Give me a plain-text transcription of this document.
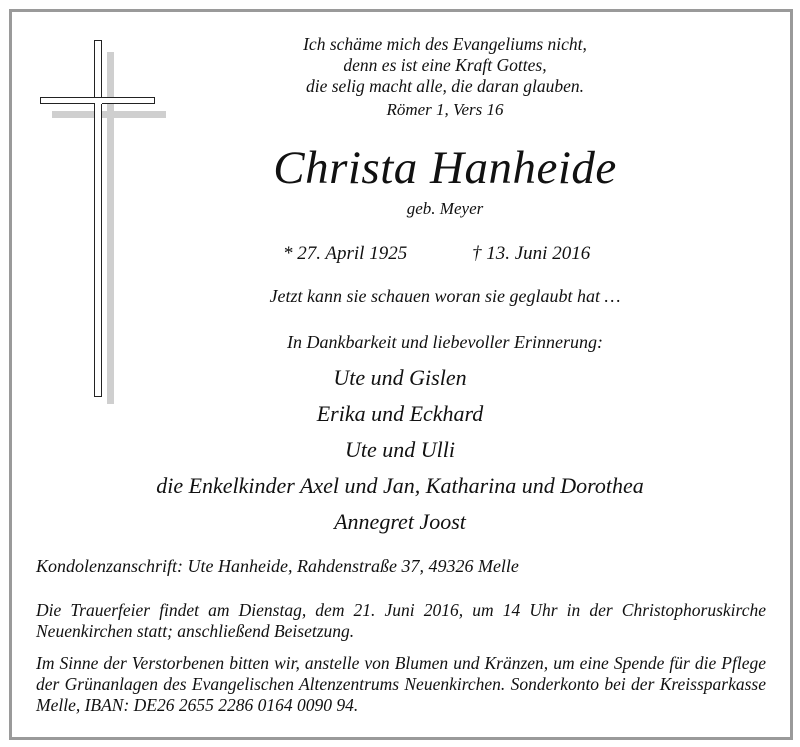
Ich schäme mich des Evangeliums nicht,
denn es ist eine Kraft Gottes,
die selig macht alle, die daran glauben.
Römer 1, Vers 16
Christa Hanheide
geb. Meyer
* 27. April 1925	† 13. Juni 2016
Jetzt kann sie schauen woran sie geglaubt hat …
In Dankbarkeit und liebevoller Erinnerung:
Ute und Gislen
Erika und Eckhard
Ute und Ulli
die Enkelkinder Axel und Jan, Katharina und Dorothea
Annegret Joost
Kondolenzanschrift: Ute Hanheide, Rahdenstraße 37, 49326 Melle
Die Trauerfeier findet am Dienstag, dem 21. Juni 2016, um 14 Uhr in der Christophoruskirche Neuenkirchen statt; anschließend Beisetzung.
Im Sinne der Verstorbenen bitten wir, anstelle von Blumen und Kränzen, um eine Spende für die Pflege der Grünanlagen des Evangelischen Altenzentrums Neuenkirchen. Sonderkonto bei der Kreissparkasse Melle, IBAN: DE26 2655 2286 0164 0090 94.
